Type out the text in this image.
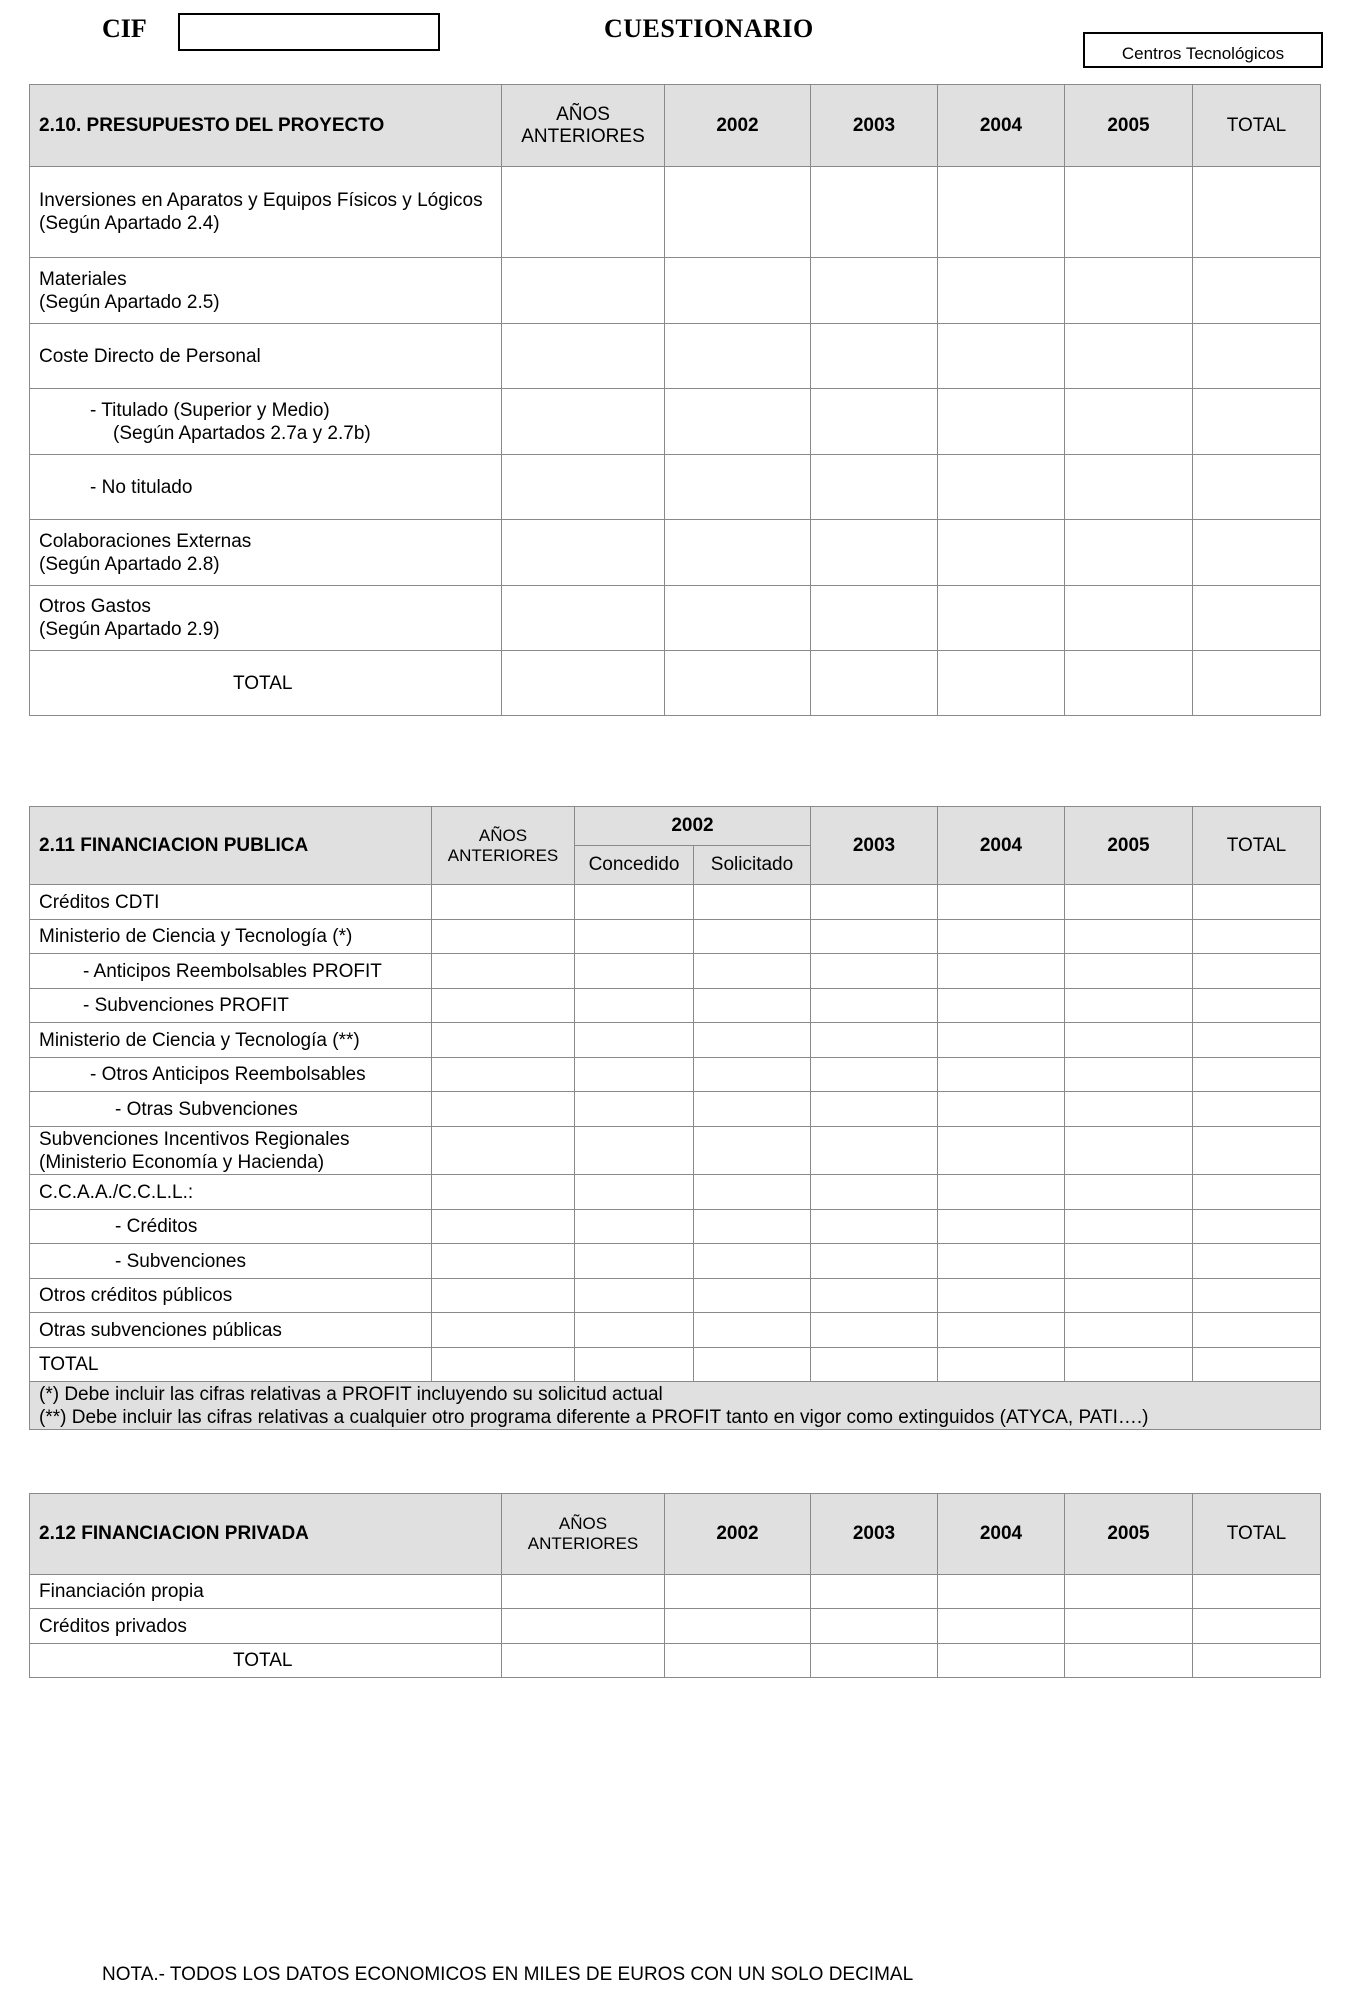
CIF	CUESTIONARIO
Centros Tecnológicos
2.10. PRESUPUESTO DEL PROYECTO	AÑOS ANTERIORES	2002	2003	2004	2005	TOTAL

Inversiones en Aparatos y Equipos Físicos y Lógicos
(Según Apartado 2.4)						

Materiales
(Según Apartado 2.5)						

Coste Directo de Personal						

- Titulado (Superior y Medio)
(Según Apartados 2.7a y 2.7b)						

- No titulado						

Colaboraciones Externas
(Según Apartado 2.8)						

Otros Gastos
(Según Apartado 2.9)						

TOTAL						
2.11 FINANCIACION PUBLICA	AÑOS ANTERIORES	2002		2003	2004	2005	TOTAL
		Concedido	Solicitado				
Créditos CDTI							
Ministerio de Ciencia y Tecnología (*)							
- Anticipos Reembolsables PROFIT							
- Subvenciones PROFIT							
Ministerio de Ciencia y Tecnología (**)							
- Otros Anticipos Reembolsables							
- Otras Subvenciones							

Subvenciones Incentivos Regionales
(Ministerio Economía y Hacienda)							

C.C.A.A./C.C.L.L.:							
- Créditos							
- Subvenciones							
Otros créditos públicos							
Otras subvenciones públicas							
TOTAL							

(*) Debe incluir las cifras relativas a PROFIT incluyendo su solicitud actual
(**) Debe incluir las cifras relativas a cualquier otro programa diferente a PROFIT tanto en vigor como extinguidos (ATYCA, PATI….)							
2.12 FINANCIACION PRIVADA	AÑOS ANTERIORES	2002	2003	2004	2005	TOTAL
Financiación propia						
Créditos privados						
TOTAL						
NOTA.- TODOS LOS DATOS ECONOMICOS EN MILES DE EUROS CON UN SOLO DECIMAL
